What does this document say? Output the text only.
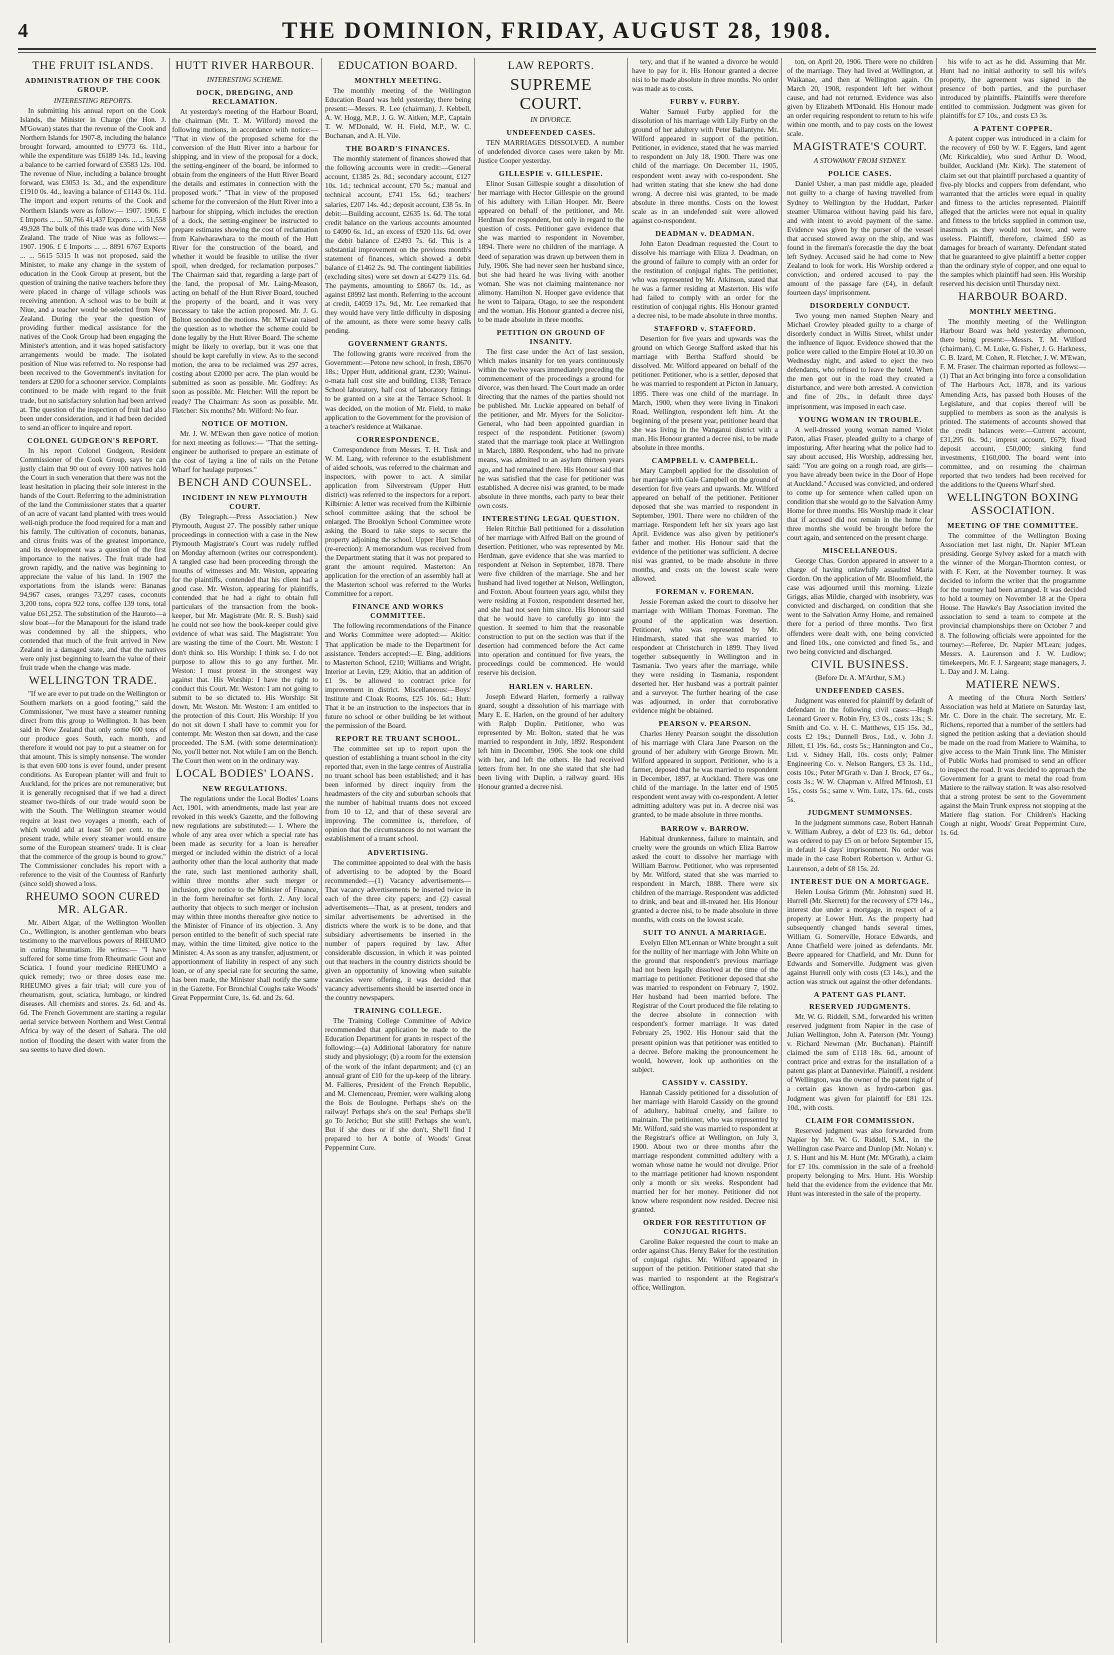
4	THE DOMINION, FRIDAY, AUGUST 28, 1908.
THE FRUIT ISLANDS.
ADMINISTRATION OF THE COOK GROUP.
INTERESTING REPORTS.

In submitting his annual report on the Cook Islands, the Minister in Charge (the Hon. J. M'Gowan) states that the revenue of the Cook and Northern Islands for 1907-8, including the balance brought forward, amounted to £9773 6s. 11d., while the expenditure was £6189 14s. 1d., leaving a balance to be carried forward of £3583 12s. 10d. The revenue of Niue, including a balance brought forward, was £3053 1s. 3d., and the expenditure £1910 0s. 4d., leaving a balance of £1143 0s. 11d. The import and export returns of the Cook and Northern Islands were as follow:— 1907. 1906. £ £ Imports ... ... 50,766 41,437 Exports ... ... 51,558 49,928 The bulk of this trade was done with New Zealand. The trade of Niue was as follows:— 1907. 1906. £ £ Imports ... ... 8891 6767 Exports ... ... 5615 5315 It was not proposed, said the Minister, to make any change in the system of education in the Cook Group at present, but the question of training the native teachers before they were placed in charge of village schools was receiving attention. A school was to be built at Niue, and a teacher would be selected from New Zealand. During the year the question of providing further medical assistance for the natives of the Cook Group had been engaging the Minister's attention, and it was hoped satisfactory arrangements would be made. The isolated position of Niue was referred to. No response had been received to the Government's invitation for tenders at £200 for a schooner service. Complaints continued to be made with regard to the fruit trade, but no satisfactory solution had been arrived at. The question of the inspection of fruit had also been under consideration, and it had been decided to send an officer to inquire and report.

COLONEL GUDGEON'S REPORT.

In his report Colonel Gudgeon, Resident Commissioner of the Cook Group, says he can justly claim that 90 out of every 100 natives hold the Court in such veneration that there was not the least hesitation in placing their sole interest in the hands of the Court. Referring to the administration of the land the Commissioner states that a quarter of an acre of vacant land planted with trees would well-nigh produce the food required for a man and his family. The cultivation of coconuts, bananas, and citrus fruits was of the greatest importance, and its development was a question of the first importance to the natives. The fruit trade had grown rapidly, and the native was beginning to appreciate the value of his land. In 1907 the exportations from the islands were: Bananas 94,967 cases, oranges 73,297 cases, coconuts 3,200 tons, copra 922 tons, coffee 139 tons, total value £61,252. The substitution of the Hauroto—a slow boat—for the Manapouri for the island trade was condemned by all the shippers, who contended that much of the fruit arrived in New Zealand in a damaged state, and that the natives were only just beginning to learn the value of their fruit trade when the change was made.

WELLINGTON TRADE.

"If we are ever to put trade on the Wellington or Southern markets on a good footing," said the Commissioner, "we must have a steamer running direct from this group to Wellington. It has been said in New Zealand that only some 600 tons of our produce goes South, each month, and therefore it would not pay to put a steamer on for that amount. This is simply nonsense. The wonder is that even 600 tons is ever found, under present conditions. As European planter will and fruit to Auckland, for the prices are not remunerative; but it is generally recognised that if we had a direct steamer two-thirds of our trade would soon be with the South. The Wellington steamer would require at least two voyages a month, each of which would add at least 50 per cent. to the present trade, while every steamer would ensure some of the European steamers' trade. It is clear that the commerce of the group is bound to grow." The Commissioner concludes his report with a reference to the visit of the Countess of Ranfurly (since sold) showed a loss.

RHEUMO SOON CURED MR. ALGAR.

Mr. Albert Algar, of the Wellington Woollen Co., Wellington, is another gentleman who bears testimony to the marvellous powers of RHEUMO in curing Rheumatism. He writes:— "I have suffered for some time from Rheumatic Gout and Sciatica. I found your medicine RHEUMO a quick remedy; two or three doses ease me. RHEUMO gives a fair trial; will cure you of rheumatism, gout, sciatica, lumbago, or kindred diseases. All chemists and stores. 2s. 6d. and 4s. 6d. The French Government are starting a regular aerial service between Northern and West Central Africa by way of the desert of Sahara. The old notion of flooding the desert with water from the sea seems to have died down.

HUTT RIVER HARBOUR.
INTERESTING SCHEME.
DOCK, DREDGING, AND RECLAMATION.

At yesterday's meeting of the Harbour Board, the chairman (Mr. T. M. Wilford) moved the following motions, in accordance with notice:— "That in view of the proposed scheme for the conversion of the Hutt River into a harbour for shipping, and in view of the proposal for a dock, the setting-engineer of the board, be informed to obtain from the engineers of the Hutt River Board the details and estimates in connection with the proposed work." "That in view of the proposed scheme for the conversion of the Hutt River into a harbour for shipping, which includes the erection of a dock, the setting-engineer be instructed to prepare estimates showing the cost of reclamation from Kaiwharawhara to the mouth of the Hutt River for the construction of the board, and whether it would be feasible to utilise the river spoil, when dredged, for reclamation purposes." The Chairman said that, regarding a large part of the land, the proposal of Mr. Laing-Meason, acting on behalf of the Hutt River Board, touched the property of the board, and it was very necessary to take the action proposed. Mr. J. G. Bolton seconded the motions. Mr. M'Ewan raised the question as to whether the scheme could be done legally by the Hutt River Board. The scheme might be likely to overlap, but it was one that should be kept carefully in view. As to the second motion, the area to be reclaimed was 297 acres, costing about £2000 per acre. The plan would be submitted as soon as possible. Mr. Godfrey: As soon as possible. Mr. Fletcher: Will the report be ready? The Chairman: As soon as possible. Mr. Fletcher: Six months? Mr. Wilford: No fear.

NOTICE OF MOTION.

Mr. J. W. M'Ewan then gave notice of motion for next meeting as follows:— "That the setting-engineer be authorised to prepare an estimate of the cost of laying a line of rails on the Petone Wharf for haulage purposes."

BENCH AND COUNSEL.
INCIDENT IN NEW PLYMOUTH COURT.

(By Telegraph.—Press Association.) New Plymouth, August 27. The possibly rather unique proceedings in connection with a case in the New Plymouth Magistrate's Court was rudely ruffled on Monday afternoon (writes our correspondent). A tangled case had been proceeding through the mouths of witnesses and Mr. Weston, appearing for the plaintiffs, contended that his client had a good case. Mr. Weston, appearing for plaintiffs, contended that he had a right to obtain full particulars of the transaction from the book-keeper, but Mr. Magistrate (Mr. R. S. Bush) said he could not see how the book-keeper could give evidence of what was said. The Magistrate: You are wasting the time of the Court. Mr. Weston: I don't think so. His Worship: I think so. I do not purpose to allow this to go any further. Mr. Weston: I must protest in the strongest way against that. His Worship: I have the right to conduct this Court. Mr. Weston: I am not going to submit to be so dictated to. His Worship: Sit down, Mr. Weston. Mr. Weston: I am entitled to the protection of this Court. His Worship: If you do not sit down I shall have to commit you for contempt. Mr. Weston then sat down, and the case proceeded. The S.M. (with some determination): No, you'll better not. Not while I am on the Bench. The Court then went on in the ordinary way.

LOCAL BODIES' LOANS.
NEW REGULATIONS.

The regulations under the Local Bodies' Loans Act, 1901, with amendments, made last year are revoked in this week's Gazette, and the following new regulations are substituted:— 1. Where the whole of any area over which a special rate has been made as security for a loan is hereafter merged or included within the district of a local authority other than the local authority that made the rate, such last mentioned authority shall, within three months after such merger or inclusion, give notice to the Minister of Finance, in the form hereinafter set forth. 2. Any local authority that objects to such merger or inclusion may within three months thereafter give notice to the Minister of Finance of its objection. 3. Any person entitled to the benefit of such special rate may, within the time limited, give notice to the Minister. 4. As soon as any transfer, adjustment, or apportionment of liability in respect of any such loan, or of any special rate for securing the same, has been made, the Minister shall notify the same in the Gazette. For Bronchial Coughs take Woods' Great Peppermint Cure, 1s. 6d. and 2s. 6d.

EDUCATION BOARD.
MONTHLY MEETING.

The monthly meeting of the Wellington Education Board was held yesterday, there being present:—Messrs. R. Lee (chairman), J. Kebbell, A. W. Hogg, M.P., J. G. W. Aitken, M.P., Captain T. W. M'Donald, W. H. Field, M.P., W. C. Buchanan, and A. H. Vile.

THE BOARD'S FINANCES.

The monthly statement of finances showed that the following accounts were in credit:—General account, £1385 2s. 8d.; secondary account, £127 10s. 1d.; technical account, £70 5s.; manual and technical account, £741 15s. 6d.; teachers' salaries, £207 14s. 4d.; deposit account, £38 5s. In debit:—Building account, £2635 1s. 6d. The total credit balance on the various accounts amounted to £4090 6s. 1d., an excess of £920 11s. 6d. over the debit balance of £2493 7s. 6d. This is a substantial improvement on the previous month's statement of finances, which showed a debit balance of £1462 2s. 9d. The contingent liabilities (excluding sites) were set down at £4279 11s. 6d. The payments, amounting to £8667 0s. 1d., as against £8992 last month. Referring to the account at credit, £4059 17s. 9d., Mr. Lee remarked that they would have very little difficulty in disposing of the amount, as there were some heavy calls pending.

GOVERNMENT GRANTS.

The following grants were received from the Government:—Petone new school, in fresh, £8670 18s.; Upper Hutt, additional grant, £230; Wainui-o-mata hall cost site and building, £138; Terrace School laboratory, half cost of laboratory fittings to be granted on a site at the Terrace School. It was decided, on the motion of Mr. Field, to make application to the Government for the provision of a teacher's residence at Waikanae.

CORRESPONDENCE.

Correspondence from Messrs. T. H. Tusk and W. M. Lang, with reference to the establishment of aided schools, was referred to the chairman and inspectors, with power to act. A similar application from Silverstream (Upper Hutt district) was referred to the inspectors for a report. Kilbirnie: A letter was received from the Kilbirnie school committee asking that the school be enlarged. The Brooklyn School Committee wrote asking the Board to take steps to secure the property adjoining the school. Upper Hutt School (re-erection): A memorandum was received from the Department stating that it was not prepared to grant the amount required. Masterton: An application for the erection of an assembly hall at the Masterton school was referred to the Works Committee for a report.

FINANCE AND WORKS COMMITTEE.

The following recommendations of the Finance and Works Committee were adopted:— Akitio: That application be made to the Department for assistance. Tenders accepted:—E. Bing, additions to Masterton School, £210; Williams and Wright, Interior at Levin, £29; Akitio, that an addition of £1 9s. be allowed to contract price for improvement in district. Miscellaneous:—Boys' Institute and Cloak Rooms, £25 10s. 6d.; Hutt: That it be an instruction to the inspectors that in future no school or other building be let without the permission of the Board.

REPORT RE TRUANT SCHOOL.

The committee set up to report upon the question of establishing a truant school in the city reported that, even in the large centres of Australia no truant school has been established; and it has been informed by direct inquiry from the headmasters of the city and suburban schools that the number of habitual truants does not exceed from 10 to 12, and that of these several are improving. The committee is, therefore, of opinion that the circumstances do not warrant the establishment of a truant school.

ADVERTISING.

The committee appointed to deal with the basis of advertising to be adopted by the Board recommended:—(1) Vacancy advertisements—That vacancy advertisements be inserted twice in each of the three city papers; and (2) casual advertisements—That, as at present, tenders and similar advertisements be advertised in the districts where the work is to be done, and that subsidiary advertisements be inserted in the number of papers required by law. After considerable discussion, in which it was pointed out that teachers in the country districts should be given an opportunity of knowing when suitable vacancies were offering, it was decided that vacancy advertisements should be inserted once in the country newspapers.

TRAINING COLLEGE.

The Training College Committee of Advice recommended that application be made to the Education Department for grants in respect of the following:—(a) Additional laboratory for nature study and physiology; (b) a room for the extension of the work of the infant department; and (c) an annual grant of £10 for the up-keep of the library. M. Fallieres, President of the French Republic, and M. Clemenceau, Premier, were walking along the Bois de Boulogne. Perhaps she's on the railway! Perhaps she's on the sea! Perhaps she'll go To Jericho; But she still! Perhaps she won't, But if she does or if she don't, She'll find I prepared to her A bottle of Woods' Great Peppermint Cure.

LAW REPORTS.
SUPREME COURT.
IN DIVORCE.
UNDEFENDED CASES.

TEN MARRIAGES DISSOLVED. A number of undefended divorce cases were taken by Mr. Justice Cooper yesterday.

GILLESPIE v. GILLESPIE.

Elinor Susan Gillespie sought a dissolution of her marriage with Hector Gillespie on the ground of his adultery with Lilian Hooper. Mr. Beere appeared on behalf of the petitioner, and Mr. Herdman for respondent, but only in regard to the question of costs. Petitioner gave evidence that she was married to respondent in November, 1894. There were no children of the marriage. A deed of separation was drawn up between them in July, 1906. She had never seen her husband since, but she had heard he was living with another woman. She was not claiming maintenance nor alimony. Hamilton N. Hooper gave evidence that he went to Taipara, Otago, to see the respondent and the woman. His Honour granted a decree nisi, to be made absolute in three months.

PETITION ON GROUND OF INSANITY.

The first case under the Act of last session, which makes insanity for ten years continuously within the twelve years immediately preceding the commencement of the proceedings a ground for divorce, was then heard. The Court made an order directing that the names of the parties should not be published. Mr. Luckie appeared on behalf of the petitioner, and Mr. Myers for the Solicitor-General, who had been appointed guardian in respect of the respondent. Petitioner (sworn) stated that the marriage took place at Wellington in March, 1880. Respondent, who had no private means, was admitted to an asylum thirteen years ago, and had remained there. His Honour said that he was satisfied that the case for petitioner was established. A decree nisi was granted, to be made absolute in three months, each party to bear their own costs.

INTERESTING LEGAL QUESTION.

Helen Ritchie Ball petitioned for a dissolution of her marriage with Alfred Ball on the ground of desertion. Petitioner, who was represented by Mr. Herdman, gave evidence that she was married to respondent at Nelson in September, 1878. There were five children of the marriage. She and her husband had lived together at Nelson, Wellington, and Foxton. About fourteen years ago, whilst they were residing at Foxton, respondent deserted her, and she had not seen him since. His Honour said that he would have to carefully go into the question. It seemed to him that the reasonable construction to put on the section was that if the desertion had commenced before the Act came into operation and continued for five years, the proceedings could be commenced. He would reserve his decision.

HARLEN v. HARLEN.

Joseph Edward Harlen, formerly a railway guard, sought a dissolution of his marriage with Mary E. E. Harlen, on the ground of her adultery with Ralph Duplin. Petitioner, who was represented by Mr. Bolton, stated that he was married to respondent in July, 1892. Respondent left him in December, 1906. She took one child with her, and left the others. He had received letters from her. In one she stated that she had been living with Duplin, a railway guard. His Honour granted a decree nisi.

tery, and that if he wanted a divorce he would have to pay for it. His Honour granted a decree nisi to be made absolute in three months. No order was made as to costs.

FURBY v. FURBY.

Walter Samuel Furby applied for the dissolution of his marriage with Lily Furby on the ground of her adultery with Peter Ballantyne. Mr. Wilford appeared in support of the petition. Petitioner, in evidence, stated that he was married to respondent on July 18, 1900. There was one child of the marriage. On December 11, 1905, respondent went away with co-respondent. She had written stating that she knew she had done wrong. A decree nisi was granted, to be made absolute in three months. Costs on the lowest scale as in an undefended suit were allowed against co-respondent.

DEADMAN v. DEADMAN.

John Eaton Deadman requested the Court to dissolve his marriage with Eliza J. Deadman, on the ground of failure to comply with an order for the restitution of conjugal rights. The petitioner, who was represented by Mr. Atkinson, stated that he was a farmer residing at Masterton. His wife had failed to comply with an order for the restitution of conjugal rights. His Honour granted a decree nisi, to be made absolute in three months.

STAFFORD v. STAFFORD.

Desertion for five years and upwards was the ground on which George Stafford asked that his marriage with Bertha Stafford should be dissolved. Mr. Wilford appeared on behalf of the petitioner. Petitioner, who is a settler, deposed that he was married to respondent at Picton in January, 1895. There was one child of the marriage. In March, 1900, when they were living in Tinakori Road, Wellington, respondent left him. At the beginning of the present year, petitioner heard that she was living in the Wanganui district with a man. His Honour granted a decree nisi, to be made absolute in three months.

CAMPBELL v. CAMPBELL.

Mary Campbell applied for the dissolution of her marriage with Gale Campbell on the ground of desertion for five years and upwards. Mr. Wilford appeared on behalf of the petitioner. Petitioner deposed that she was married to respondent in September, 1901. There were no children of the marriage. Respondent left her six years ago last April. Evidence was also given by petitioner's father and mother. His Honour said that the evidence of the petitioner was sufficient. A decree nisi was granted, to be made absolute in three months, and costs on the lowest scale were allowed.

FOREMAN v. FOREMAN.

Jessie Foreman asked the court to dissolve her marriage with William Thomas Foreman. The ground of the application was desertion. Petitioner, who was represented by Mr. Hindmarsh, stated that she was married to respondent at Christchurch in 1899. They lived together subsequently in Wellington and in Tasmania. Two years after the marriage, while they were residing in Tasmania, respondent deserted her. Her husband was a portrait painter and a surveyor. The further hearing of the case was adjourned, in order that corroborative evidence might be obtained.

PEARSON v. PEARSON.

Charles Henry Pearson sought the dissolution of his marriage with Clara Jane Pearson on the ground of her adultery with George Brown. Mr. Wilford appeared in support. Petitioner, who is a farmer, deposed that he was married to respondent in December, 1897, at Auckland. There was one child of the marriage. In the latter end of 1905 respondent went away with co-respondent. A letter admitting adultery was put in. A decree nisi was granted, to be made absolute in three months.

BARROW v. BARROW.

Habitual drunkenness, failure to maintain, and cruelty were the grounds on which Eliza Barrow asked the court to dissolve her marriage with William Barrow. Petitioner, who was represented by Mr. Wilford, stated that she was married to respondent in March, 1888. There were six children of the marriage. Respondent was addicted to drink, and beat and ill-treated her. His Honour granted a decree nisi, to be made absolute in three months, with costs on the lowest scale.

SUIT TO ANNUL A MARRIAGE.

Evelyn Ellen M'Lennan or White brought a suit for the nullity of her marriage with John White on the ground that respondent's previous marriage had not been legally dissolved at the time of the marriage to petitioner. Petitioner deposed that she was married to respondent on February 7, 1902. Her husband had been married before. The Registrar of the Court produced the file relating to the decree absolute in connection with respondent's former marriage. It was dated February 25, 1902. His Honour said that the present opinion was that petitioner was entitled to a decree. Before making the pronouncement he would, however, look up authorities on the subject.

CASSIDY v. CASSIDY.

Hannah Cassidy petitioned for a dissolution of her marriage with Harold Cassidy on the ground of adultery, habitual cruelty, and failure to maintain. The petitioner, who was represented by Mr. Wilford, said she was married to respondent at the Registrar's office at Wellington, on July 3, 1900. About two or three months after the marriage respondent committed adultery with a woman whose name he would not divulge. Prior to the marriage petitioner had known respondent only a month or six weeks. Respondent had married her for her money. Petitioner did not know where respondent now resided. Decree nisi granted.

ORDER FOR RESTITUTION OF CONJUGAL RIGHTS.

Caroline Baker requested the court to make an order against Chas. Henry Baker for the restitution of conjugal rights. Mr. Wilford appeared in support of the petition. Petitioner stated that she was married to respondent at the Registrar's office, Wellington.

ton, on April 20, 1906. There were no children of the marriage. They had lived at Wellington, at Waikanae, and then at Wellington again. On March 20, 1908, respondent left her without cause, and had not returned. Evidence was also given by Elizabeth M'Donald. His Honour made an order requiring respondent to return to his wife within one month, and to pay costs on the lowest scale.

MAGISTRATE'S COURT.
A STOWAWAY FROM SYDNEY.
POLICE CASES.

Daniel Usher, a man past middle age, pleaded not guilty to a charge of having travelled from Sydney to Wellington by the Huddart, Parker steamer Ulimaroa without having paid his fare, and with intent to avoid payment of the same. Evidence was given by the purser of the vessel that accused stowed away on the ship, and was found in the fireman's forecastle the day the boat left Sydney. Accused said he had come to New Zealand to look for work. His Worship ordered a conviction, and ordered accused to pay the amount of the passage fare (£4), in default fourteen days' imprisonment.

DISORDERLY CONDUCT.

Two young men named Stephen Neary and Michael Crowley pleaded guilty to a charge of disorderly conduct in Willis Street, whilst under the influence of liquor. Evidence showed that the police were called to the Empire Hotel at 10.30 on Wednesday night, and asked to eject the two defendants, who refused to leave the hotel. When the men got out in the road they created a disturbance, and were both arrested. A conviction and fine of 20s., in default three days' imprisonment, was imposed in each case.

YOUNG WOMAN IN TROUBLE.

A well-dressed young woman named Violet Paton, alias Fraser, pleaded guilty to a charge of imposturing. After hearing what the police had to say about accused, His Worship, addressing her, said: "You are going on a rough road, are girls—you have already been twice in the Door of Hope at Auckland." Accused was convicted, and ordered to come up for sentence when called upon on condition that she would go to the Salvation Army Home for three months. His Worship made it clear that if accused did not remain in the home for three months she would be brought before the court again, and sentenced on the present charge.

MISCELLANEOUS.

George Chas. Gordon appeared in answer to a charge of having unlawfully assaulted Maria Gordon. On the application of Mr. Bloomfield, the case was adjourned until this morning. Lizzie Griggs, alias Mildie, charged with insobriety, was convicted and discharged, on condition that she went to the Salvation Army Home, and remained there for a period of three months. Two first offenders were dealt with, one being convicted and fined 10s., one convicted and fined 5s., and two being convicted and discharged.

CIVIL BUSINESS.
(Before Dr. A. M'Arthur, S.M.)
UNDEFENDED CASES.

Judgment was entered for plaintiff by default of defendant in the following civil cases:—Hugh Leonard Greer v. Robin Fry, £3 0s., costs 13s.; S. Smith and Co. v. H. C. Matthews, £15 15s. 3d., costs £2 19s.; Dunnell Bros., Ltd., v. John J. Jillett, £1 19s. 6d., costs 5s.; Hannington and Co., Ltd. v. Sidney Hall, 10s. costs only; Palmer Engineering Co. v. Nelson Rangers, £3 3s. 11d., costs 10s.; Peter M'Grath v. Dan J. Brock, £7 6s., costs 3s.; W. W. Chapman v. Alfred M'Intosh, £1 15s., costs 5s.; same v. Wm. Lutz, 17s. 6d., costs 5s.

JUDGMENT SUMMONSES.

In the judgment summons case, Robert Hannah v. William Aubrey, a debt of £23 0s. 6d., debtor was ordered to pay £5 on or before September 15, in default 14 days' imprisonment. No order was made in the case Robert Robertson v. Arthur G. Laurenson, a debt of £8 15s. 2d.

INTEREST DUE ON A MORTGAGE.

Helen Louisa Grimm (Mr. Johnston) sued H. Hurrell (Mr. Skerrett) for the recovery of £79 14s., interest due under a mortgage, in respect of a property at Lower Hutt. As the property had subsequently changed hands several times, William G. Somerville, Horace Edwards, and Anne Chatfield were joined as defendants. Mr. Beere appeared for Chatfield, and Mr. Dunn for Edwards and Somerville. Judgment was given against Hurrell only with costs (£3 14s.), and the action was struck out against the other defendants.

A PATENT GAS PLANT.
RESERVED JUDGMENTS.

Mr. W. G. Riddell, S.M., forwarded his written reserved judgment from Napier in the case of Julian Wellington, John A. Paterson (Mr. Young) v. Richard Newman (Mr. Buchanan). Plaintiff claimed the sum of £118 18s. 6d., amount of contract price and extras for the installation of a patent gas plant at Dannevirke. Plaintiff, a resident of Wellington, was the owner of the patent right of a certain gas known as hydro-carbon gas. Judgment was given for plaintiff for £81 12s. 10d., with costs.

CLAIM FOR COMMISSION.

Reserved judgment was also forwarded from Napier by Mr. W. G. Riddell, S.M., in the Wellington case Pearce and Dunlop (Mr. Nolan) v. J. S. Hunt and his M. Hunt (Mr. M'Grath), a claim for £7 10s. commission in the sale of a freehold property belonging to Mrs. Hunt. His Worship held that the evidence from the evidence that Mr. Hunt was interested in the sale of the property.

his wife to act as he did. Assuming that Mr. Hunt had no initial authority to sell his wife's property, the agreement was signed in the presence of both parties, and the purchaser introduced by plaintiffs. Plaintiffs were therefore entitled to commission. Judgment was given for plaintiffs for £7 10s., and costs £3 3s.

A PATENT COPPER.

A patent copper was introduced in a claim for the recovery of £60 by W. F. Eggers, land agent (Mr. Kirkcaldie), who sued Arthur D. Wood, builder, Auckland (Mr. Kirk). The statement of claim set out that plaintiff purchased a quantity of five-ply blocks and coppers from defendant, who warranted that the articles were equal in quality and fitness to the articles represented. Plaintiff alleged that the articles were not equal in quality and fitness to the bricks supplied in common use, inasmuch as they would not lower, and were useless. Plaintiff, therefore, claimed £60 as damages for breach of warranty. Defendant stated that he guaranteed to give plaintiff a better copper than the ordinary style of copper, and one equal to the samples which plaintiff had seen. His Worship reserved his decision until Thursday next.

HARBOUR BOARD.
MONTHLY MEETING.

The monthly meeting of the Wellington Harbour Board was held yesterday afternoon, there being present:—Messrs. T. M. Wilford (chairman), C. M. Luke, G. Fisher, J. G. Harkness, C. B. Izard, M. Cohen, R. Fletcher, J. W. M'Ewan, F. M. Fraser. The chairman reported as follows:—(1) That an Act bringing into force a consolidation of The Harbours Act, 1878, and its various Amending Acts, has passed both Houses of the Legislature, and that copies thereof will be supplied to members as soon as the analysis is printed. The statements of accounts showed that the credit balances were:—Current account, £31,295 0s. 9d.; imprest account, £679; fixed deposit account, £50,000; sinking fund investments, £160,000. The board went into committee, and on resuming the chairman reported that two tenders had been received for the additions to the Queens Wharf shed.

WELLINGTON BOXING ASSOCIATION.
MEETING OF THE COMMITTEE.

The committee of the Wellington Boxing Association met last night, Dr. Napier M'Lean presiding. George Sylvey asked for a match with the winner of the Morgan-Thornton contest, or with F. Kerr, at the November tourney. It was decided to inform the writer that the programme for the tourney had been arranged. It was decided to hold a tourney on November 18 at the Opera House. The Hawke's Bay Association invited the association to send a team to compete at the provincial championships there on October 7 and 8. The following officials were appointed for the tourney:—Referee, Dr. Napier M'Lean; judges, Messrs. A. Laurenson and J. W. Ludlow; timekeepers, Mr. F. J. Sargeant; stage managers, J. L. Day and J. M. Laing.

MATIERE NEWS.

A meeting of the Ohura North Settlers' Association was held at Matiere on Saturday last, Mr. C. Dore in the chair. The secretary, Mr. E. Richens, reported that a number of the settlers had signed the petition asking that a deviation should be made on the road from Matiere to Waimiha, to give access to the Main Trunk line. The Minister of Public Works had promised to send an officer to inspect the road. It was decided to approach the Government for a grant to metal the road from Matiere to the railway station. It was also resolved that a strong protest be sent to the Government against the Main Trunk express not stopping at the Matiere flag station. For Children's Hacking Cough at night, Woods' Great Peppermint Cure, 1s. 6d.
